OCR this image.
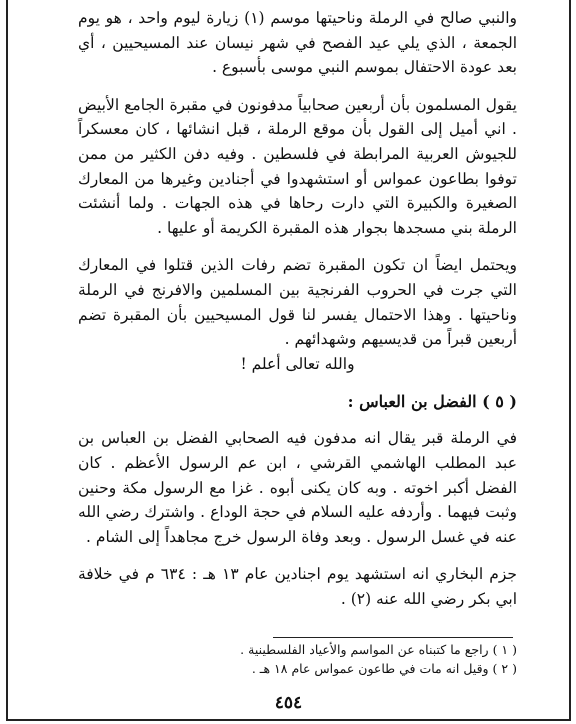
والنبي صالح في الرملة وناحيتها موسم (١) زيارة ليوم واحد ، هو يوم الجمعة ، الذي يلي عيد الفصح في شهر نيسان عند المسيحيين ، أي بعد عودة الاحتفال بموسم النبي موسى بأسبوع .

يقول المسلمون بأن أربعين صحابياً مدفونون في مقبرة الجامع الأبيض . اني أميل إلى القول بأن موقع الرملة ، قبل انشائها ، كان معسكراً للجيوش العربية المرابطة في فلسطين . وفيه دفن الكثير من ممن توفوا بطاعون عمواس أو استشهدوا في أجنادين وغيرها من المعارك الصغيرة والكبيرة التي دارت رحاها في هذه الجهات . ولما أنشئت الرملة بني مسجدها بجوار هذه المقبرة الكريمة أو عليها .

ويحتمل ايضاً ان تكون المقبرة تضم رفات الذين قتلوا في المعارك التي جرت في الحروب الفرنجية بين المسلمين والافرنج في الرملة وناحيتها . وهذا الاحتمال يفسر لنا قول المسيحيين بأن المقبرة تضم أربعين قبراً من قديسيهم وشهدائهم .

والله تعالى أعلم !

( ٥ ) الفضل بن العباس :

في الرملة قبر يقال انه مدفون فيه الصحابي الفضل بن العباس بن عبد المطلب الهاشمي القرشي ، ابن عم الرسول الأعظم . كان الفضل أكبر اخوته . وبه كان يكنى أبوه . غزا مع الرسول مكة وحنين وثبت فيهما . وأردفه عليه السلام في حجة الوداع . واشترك رضي الله عنه في غسل الرسول . وبعد وفاة الرسول خرج مجاهداً إلى الشام .

جزم البخاري انه استشهد يوم اجنادين عام ١٣ هـ : ٦٣٤ م في خلافة ابي بكر رضي الله عنه (٢) .

( ١ ) راجع ما كتبناه عن المواسم والأعياد الفلسطينية .

( ٢ ) وقيل انه مات في طاعون عمواس عام ١٨ هـ .

٤٥٤
